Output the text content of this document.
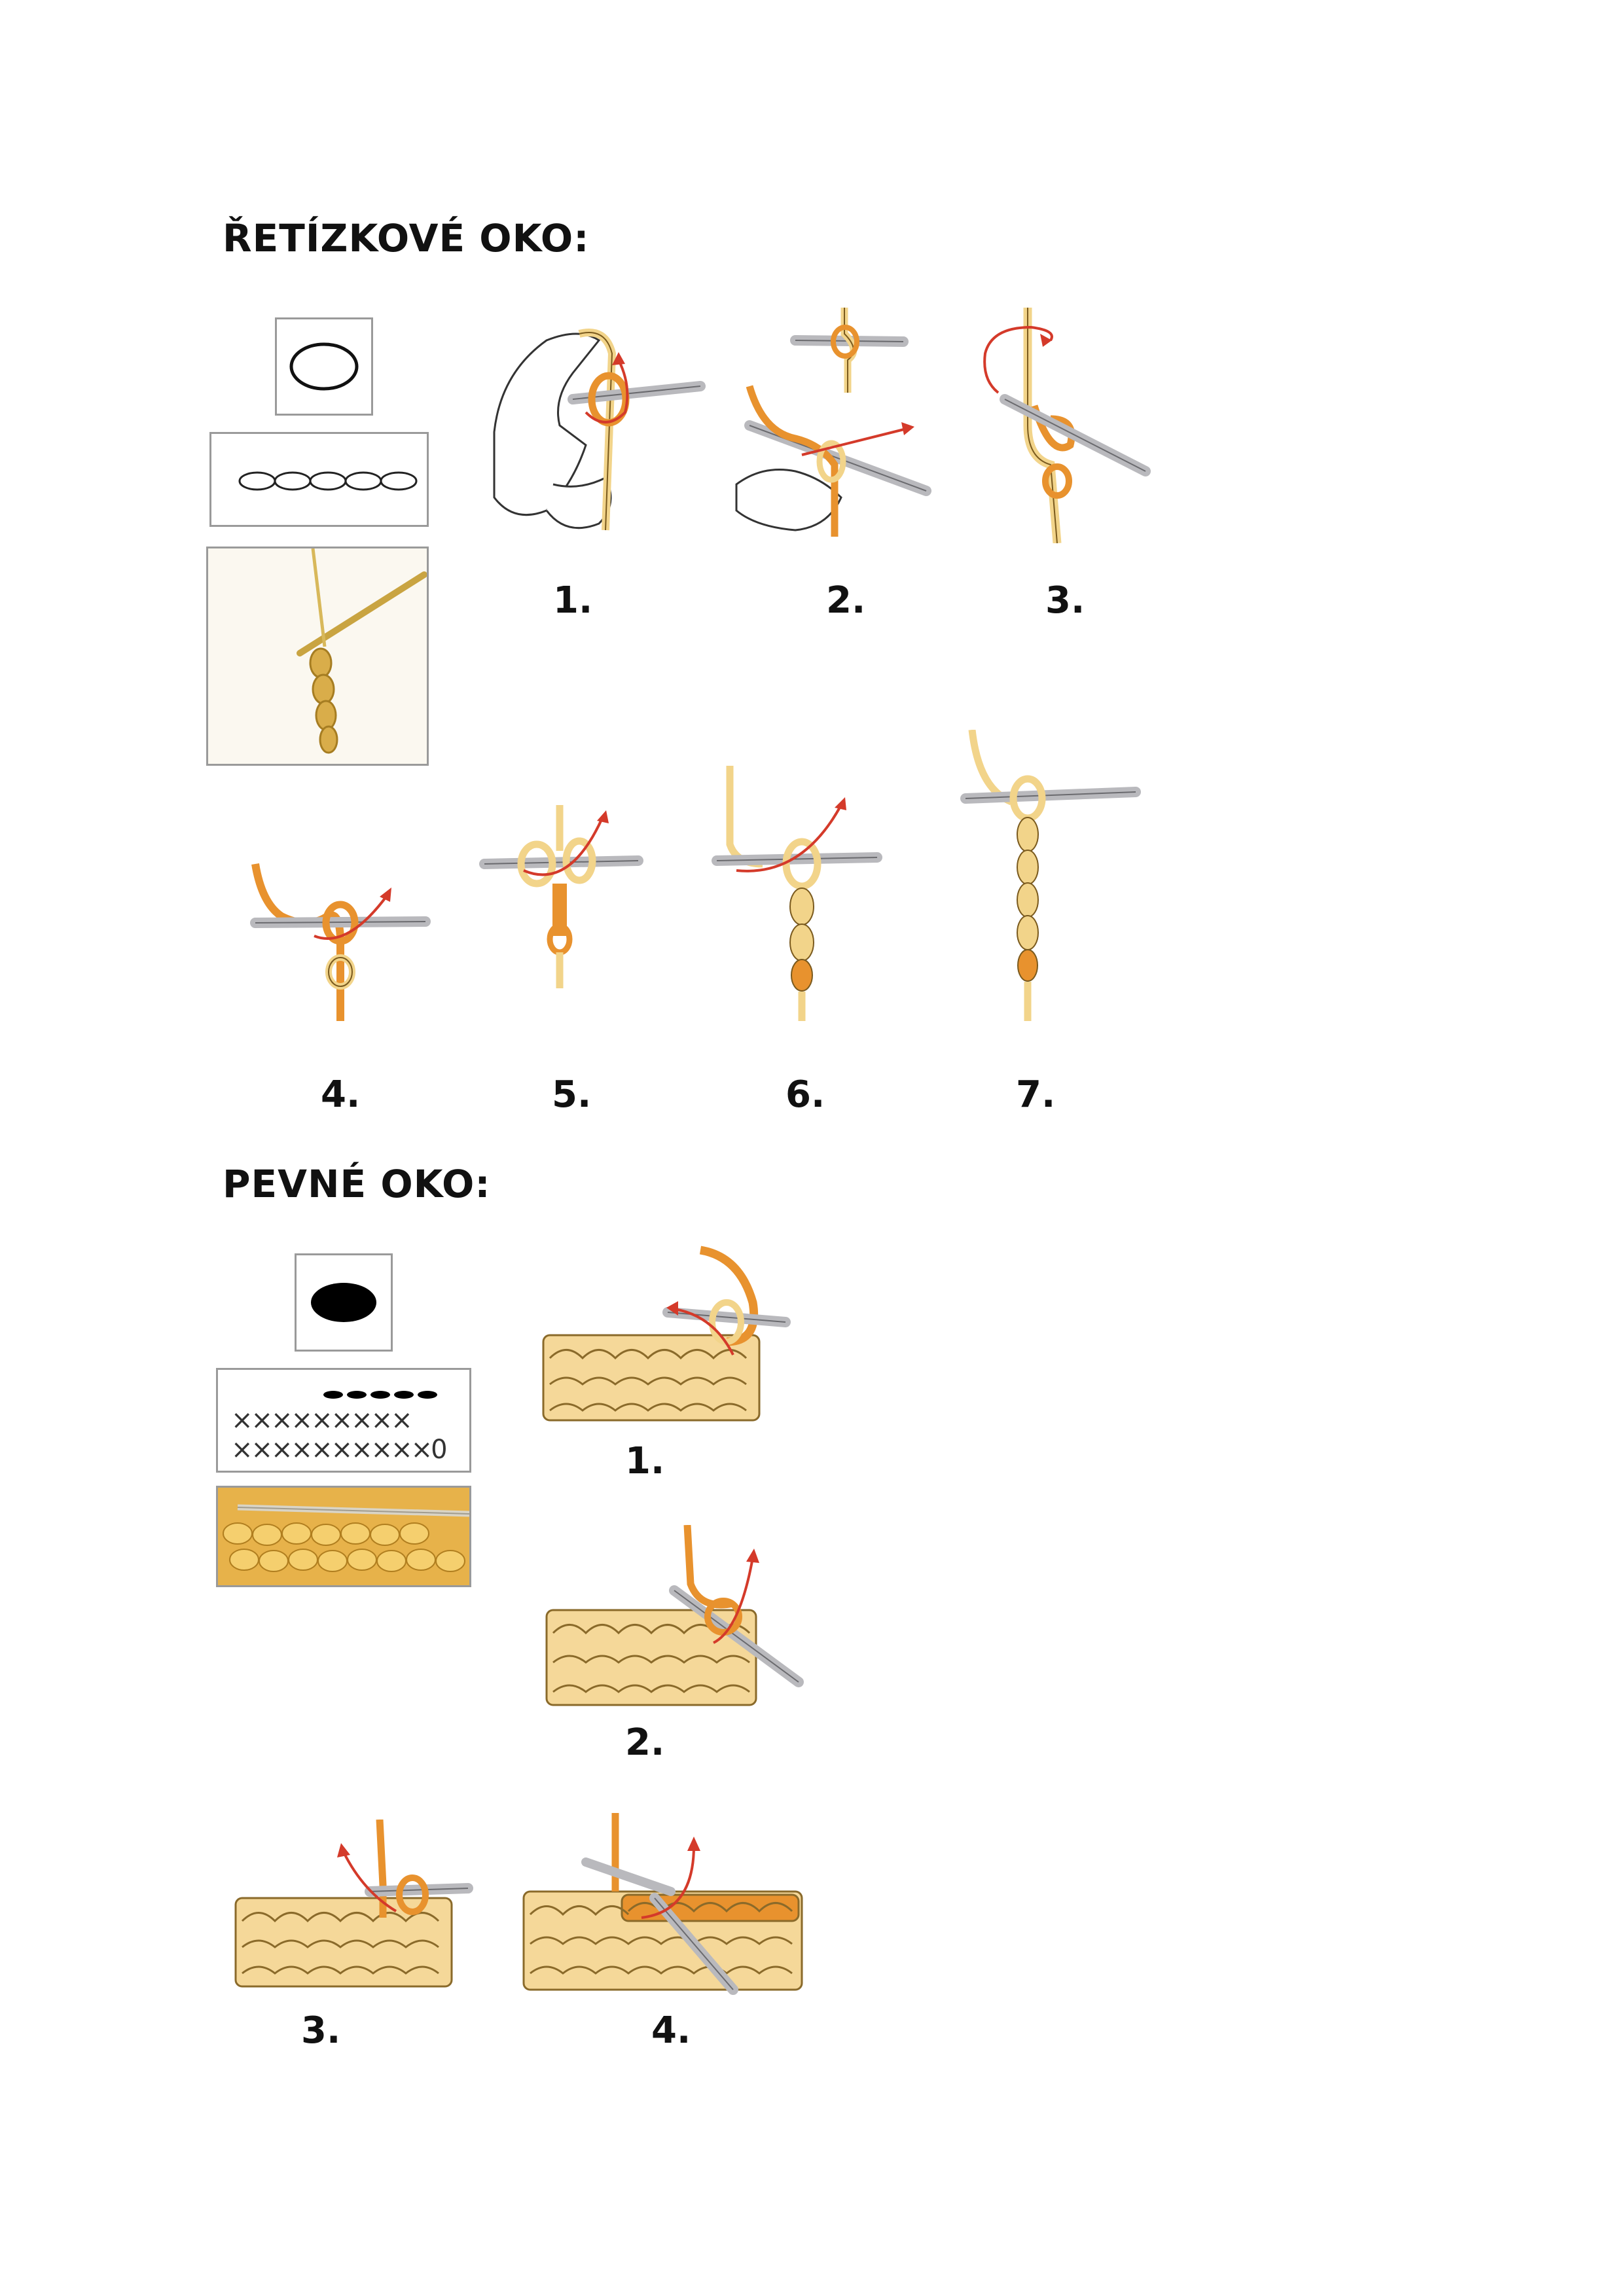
ŘETÍZKOVÉ OKO:
1.	2.	3.
4.	5.	6.	7.
PEVNÉ OKO:
×××××××××
××××××××××0	1.
2.
3.	4.
